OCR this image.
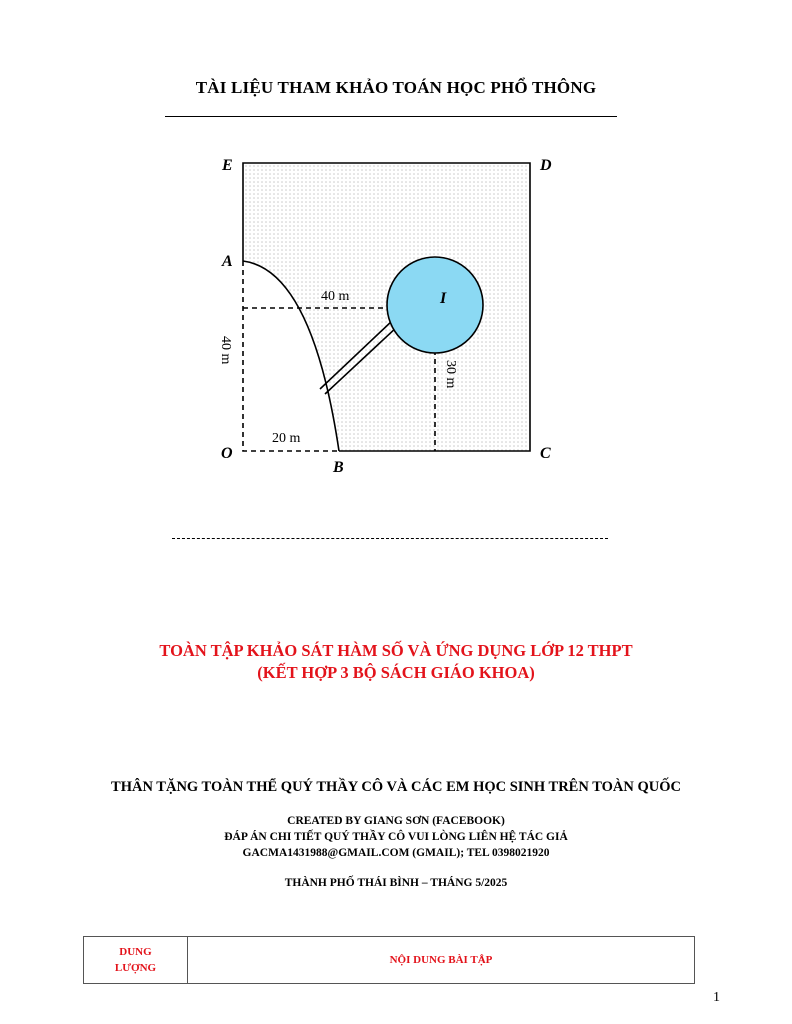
TÀI LIỆU THAM KHẢO TOÁN HỌC PHỔ THÔNG
E	D
A
I
O
B
C
40 m
20 m
40 m
30 m
TOÀN TẬP KHẢO SÁT HÀM SỐ VÀ ỨNG DỤNG LỚP 12 THPT
(KẾT HỢP 3 BỘ SÁCH GIÁO KHOA)
THÂN TẶNG TOÀN THỂ QUÝ THẦY CÔ VÀ CÁC EM HỌC SINH TRÊN TOÀN QUỐC
CREATED BY GIANG SƠN (FACEBOOK)
ĐÁP ÁN CHI TIẾT QUÝ THẦY CÔ VUI LÒNG LIÊN HỆ TÁC GIẢ
GACMA1431988@GMAIL.COM (GMAIL); TEL 0398021920
THÀNH PHỐ THÁI BÌNH – THÁNG 5/2025
DUNG
LƯỢNG
	NỘI DUNG BÀI TẬP
1
